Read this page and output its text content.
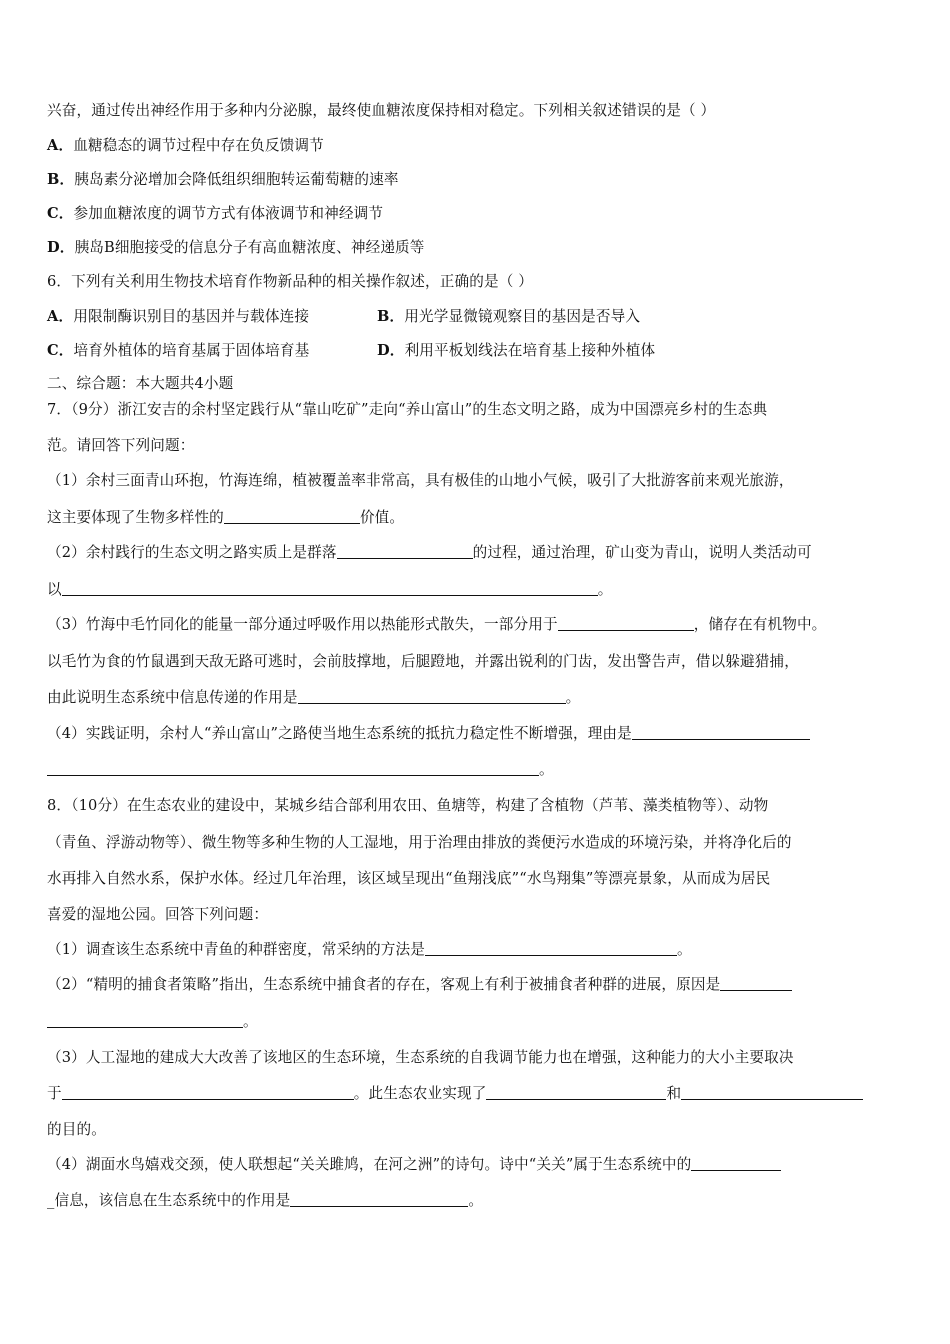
兴奋，通过传出神经作用于多种内分泌腺，最终使血糖浓度保持相对稳定。下列相关叙述错误的是（ ）
A．血糖稳态的调节过程中存在负反馈调节
B．胰岛素分泌增加会降低组织细胞转运葡萄糖的速率
C．参加血糖浓度的调节方式有体液调节和神经调节
D．胰岛B细胞接受的信息分子有高血糖浓度、神经递质等
6．下列有关利用生物技术培育作物新品种的相关操作叙述，正确的是（ ）
A．用限制酶识别目的基因并与载体连接	B．用光学显微镜观察目的基因是否导入
C．培育外植体的培育基属于固体培育基	D．利用平板划线法在培育基上接种外植体
二、综合题：本大题共4小题
7．（9分）浙江安吉的余村坚定践行从“靠山吃矿”走向“养山富山”的生态文明之路，成为中国漂亮乡村的生态典
范。请回答下列问题：
（1）余村三面青山环抱，竹海连绵，植被覆盖率非常高，具有极佳的山地小气候，吸引了大批游客前来观光旅游，
这主要体现了生物多样性的	价值。
（2）余村践行的生态文明之路实质上是群落	的过程，通过治理，矿山变为青山，说明人类活动可
以	。
（3）竹海中毛竹同化的能量一部分通过呼吸作用以热能形式散失，一部分用于	，储存在有机物中。
以毛竹为食的竹鼠遇到天敌无路可逃时，会前肢撑地，后腿蹬地，并露出锐利的门齿，发出警告声，借以躲避猎捕，
由此说明生态系统中信息传递的作用是	。
（4）实践证明，余村人“养山富山”之路使当地生态系统的抵抗力稳定性不断增强，理由是
。
8．（10分）在生态农业的建设中，某城乡结合部利用农田、鱼塘等，构建了含植物（芦苇、藻类植物等）、动物
（青鱼、浮游动物等）、微生物等多种生物的人工湿地，用于治理由排放的粪便污水造成的环境污染，并将净化后的
水再排入自然水系，保护水体。经过几年治理，该区域呈现出“鱼翔浅底”“水鸟翔集”等漂亮景象，从而成为居民
喜爱的湿地公园。回答下列问题：
（1）调查该生态系统中青鱼的种群密度，常采纳的方法是	。
（2）“精明的捕食者策略”指出，生态系统中捕食者的存在，客观上有利于被捕食者种群的进展，原因是
。
（3）人工湿地的建成大大改善了该地区的生态环境，生态系统的自我调节能力也在增强，这种能力的大小主要取决
于	。此生态农业实现了	和
的目的。
（4）湖面水鸟嬉戏交颈，使人联想起“关关雎鸠，在河之洲”的诗句。诗中“关关”属于生态系统中的
_信息，该信息在生态系统中的作用是	。
